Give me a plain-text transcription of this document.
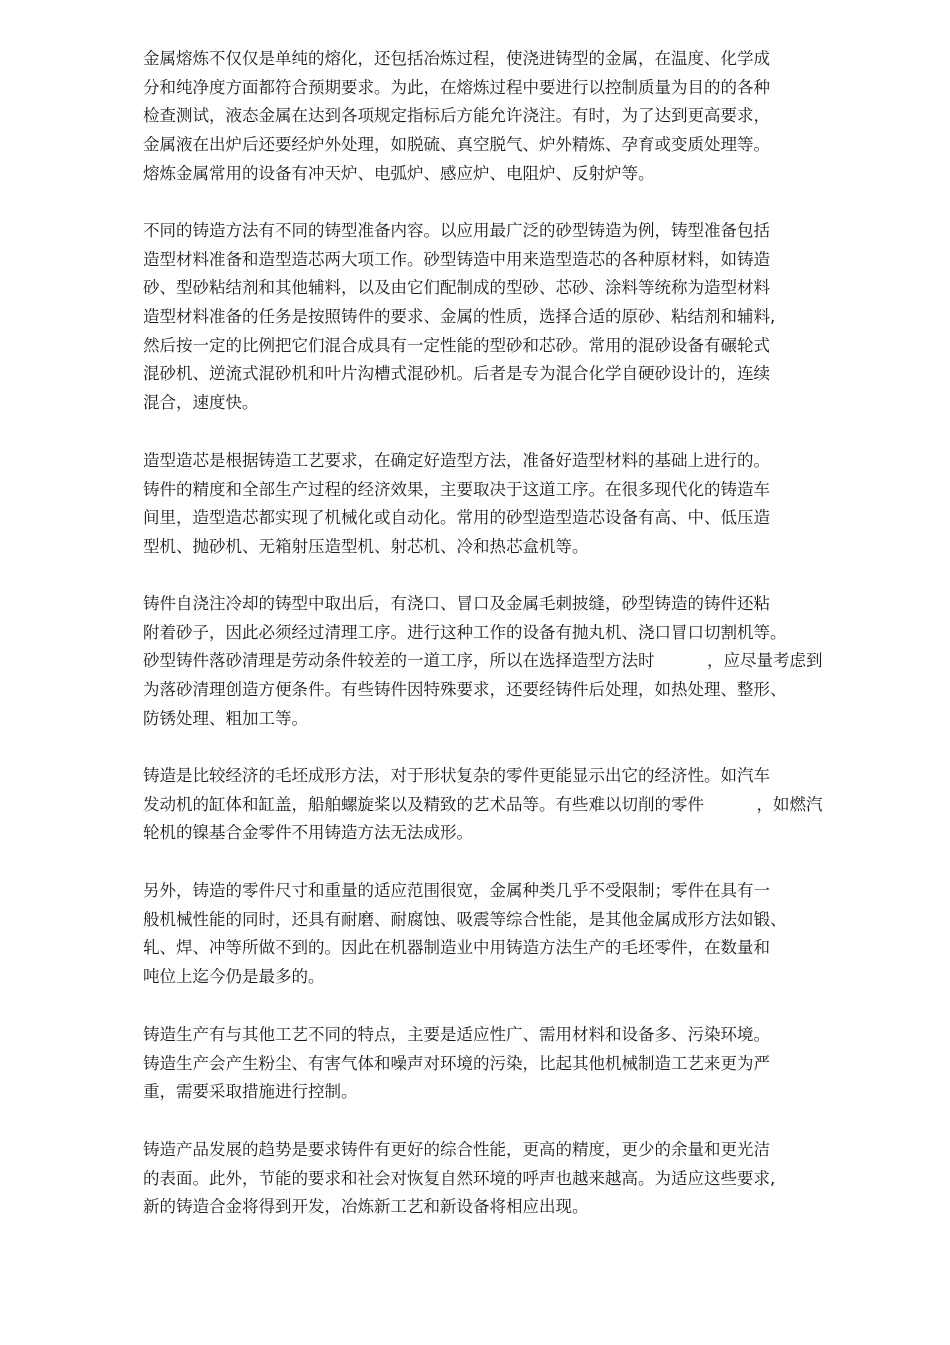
金属熔炼不仅仅是单纯的熔化，还包括冶炼过程，使浇进铸型的金属，在温度、化学成
分和纯净度方面都符合预期要求。为此，在熔炼过程中要进行以控制质量为目的的各种
检查测试，液态金属在达到各项规定指标后方能允许浇注。有时，为了达到更高要求，
金属液在出炉后还要经炉外处理，如脱硫、真空脱气、炉外精炼、孕育或变质处理等。
熔炼金属常用的设备有冲天炉、电弧炉、感应炉、电阻炉、反射炉等。
不同的铸造方法有不同的铸型准备内容。以应用最广泛的砂型铸造为例，铸型准备包括
造型材料准备和造型造芯两大项工作。砂型铸造中用来造型造芯的各种原材料，如铸造
砂、型砂粘结剂和其他辅料，以及由它们配制成的型砂、芯砂、涂料等统称为造型材料
造型材料准备的任务是按照铸件的要求、金属的性质，选择合适的原砂、粘结剂和辅料,
然后按一定的比例把它们混合成具有一定性能的型砂和芯砂。常用的混砂设备有碾轮式
混砂机、逆流式混砂机和叶片沟槽式混砂机。后者是专为混合化学自硬砂设计的，连续
混合，速度快。
造型造芯是根据铸造工艺要求，在确定好造型方法，准备好造型材料的基础上进行的。
铸件的精度和全部生产过程的经济效果，主要取决于这道工序。在很多现代化的铸造车
间里，造型造芯都实现了机械化或自动化。常用的砂型造型造芯设备有高、中、低压造
型机、抛砂机、无箱射压造型机、射芯机、冷和热芯盒机等。
铸件自浇注冷却的铸型中取出后，有浇口、冒口及金属毛刺披缝，砂型铸造的铸件还粘
附着砂子，因此必须经过清理工序。进行这种工作的设备有抛丸机、浇口冒口切割机等。
砂型铸件落砂清理是劳动条件较差的一道工序，所以在选择造型方法时          ，应尽量考虑到
为落砂清理创造方便条件。有些铸件因特殊要求，还要经铸件后处理，如热处理、整形、
防锈处理、粗加工等。
铸造是比较经济的毛坯成形方法，对于形状复杂的零件更能显示出它的经济性。如汽车
发动机的缸体和缸盖，船舶螺旋桨以及精致的艺术品等。有些难以切削的零件          ，如燃汽
轮机的镍基合金零件不用铸造方法无法成形。
另外，铸造的零件尺寸和重量的适应范围很宽，金属种类几乎不受限制；零件在具有一
般机械性能的同时，还具有耐磨、耐腐蚀、吸震等综合性能，是其他金属成形方法如锻、
轧、焊、冲等所做不到的。因此在机器制造业中用铸造方法生产的毛坯零件，在数量和
吨位上迄今仍是最多的。
铸造生产有与其他工艺不同的特点，主要是适应性广、需用材料和设备多、污染环境。
铸造生产会产生粉尘、有害气体和噪声对环境的污染，比起其他机械制造工艺来更为严
重，需要采取措施进行控制。
铸造产品发展的趋势是要求铸件有更好的综合性能，更高的精度，更少的余量和更光洁
的表面。此外，节能的要求和社会对恢复自然环境的呼声也越来越高。为适应这些要求,
新的铸造合金将得到开发，冶炼新工艺和新设备将相应出现。
